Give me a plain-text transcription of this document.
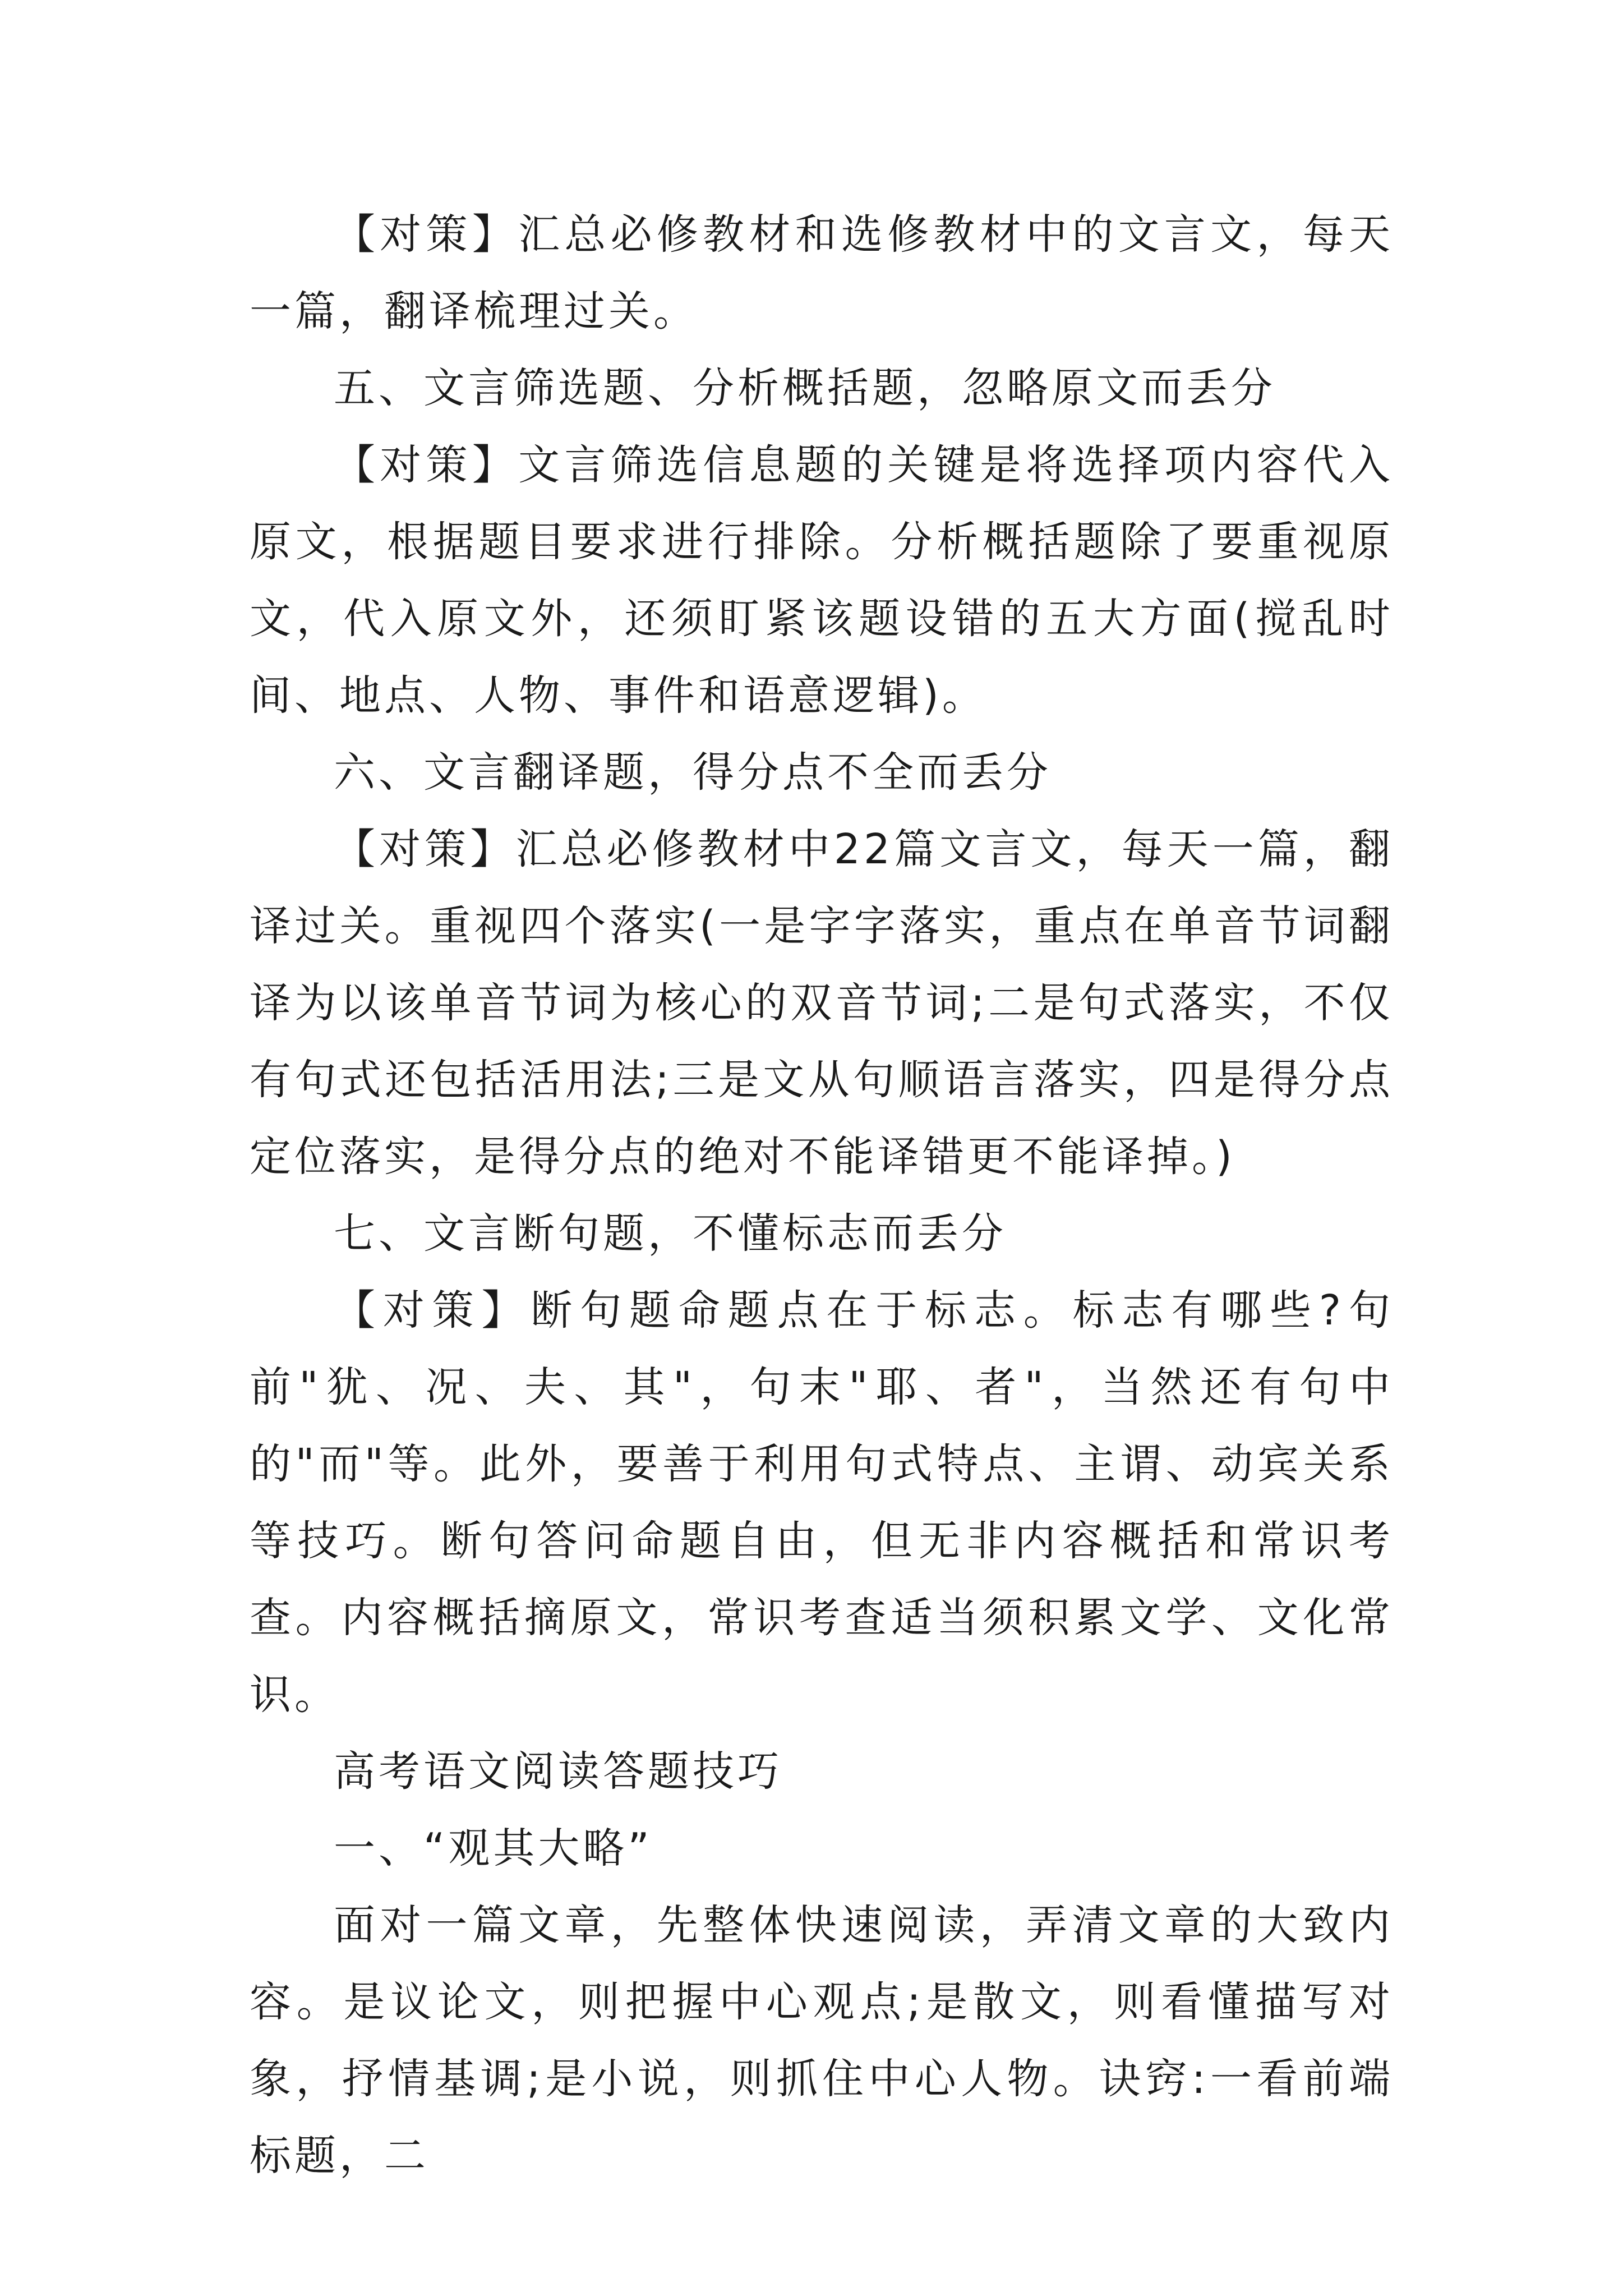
【对策】汇总必修教材和选修教材中的文言文，每天一篇，翻译梳理过关。

五、文言筛选题、分析概括题，忽略原文而丢分

【对策】文言筛选信息题的关键是将选择项内容代入原文，根据题目要求进行排除。分析概括题除了要重视原文，代入原文外，还须盯紧该题设错的五大方面(搅乱时间、地点、人物、事件和语意逻辑)。

六、文言翻译题，得分点不全而丢分

【对策】汇总必修教材中22篇文言文，每天一篇，翻译过关。重视四个落实(一是字字落实，重点在单音节词翻译为以该单音节词为核心的双音节词;二是句式落实，不仅有句式还包括活用法;三是文从句顺语言落实，四是得分点定位落实，是得分点的绝对不能译错更不能译掉。)

七、文言断句题，不懂标志而丢分

【对策】断句题命题点在于标志。标志有哪些?句前"犹、况、夫、其"，句末"耶、者"，当然还有句中的"而"等。此外，要善于利用句式特点、主谓、动宾关系等技巧。断句答问命题自由，但无非内容概括和常识考查。内容概括摘原文，常识考查适当须积累文学、文化常识。

高考语文阅读答题技巧

一、“观其大略”

面对一篇文章，先整体快速阅读，弄清文章的大致内容。是议论文，则把握中心观点;是散文，则看懂描写对象，抒情基调;是小说，则抓住中心人物。诀窍:一看前端标题，二
